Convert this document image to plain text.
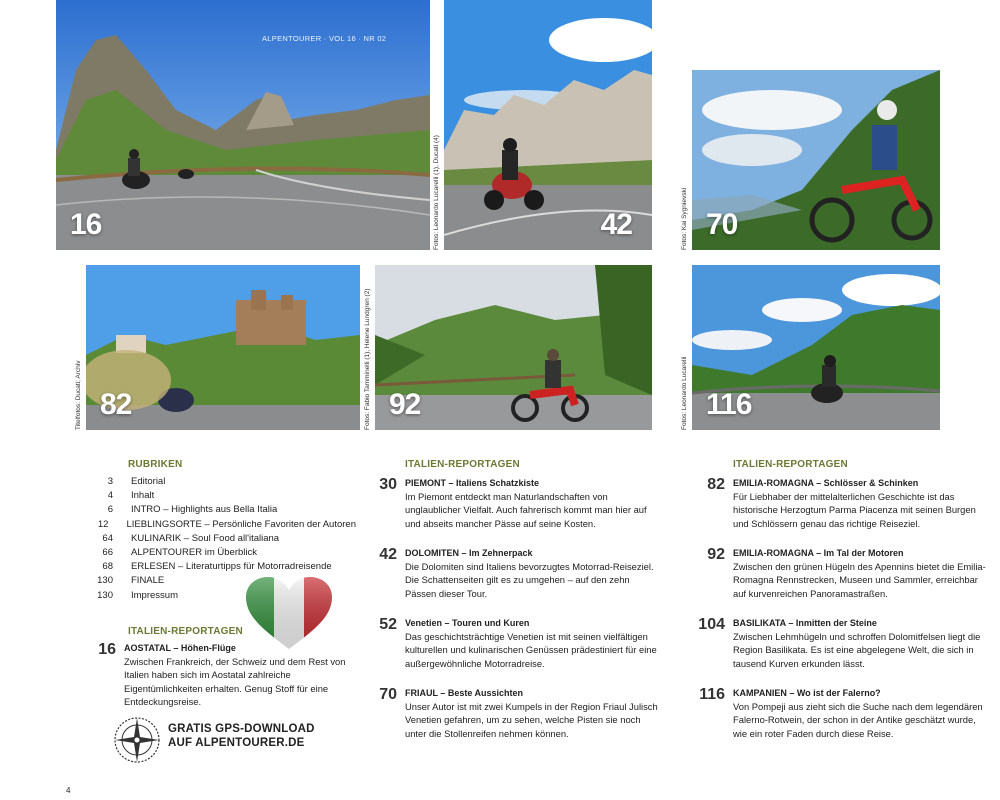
16
ALPENTOURER · VOL 16 · NR 02
42
Fotos: Leonardo Lucarelli (1), Ducati (4)	70
Fotos: Kai Sygnievski
82
Titelfotos: Ducati; Archiv	92
Fotos: Fabio Tamminelli (1), Helene Lundgren (2)	116
Fotos: Leonardo Lucarelli
RUBRIKEN
3 Editorial
4 Inhalt
6 INTRO – Highlights aus Bella Italia
12 LIEBLINGSORTE – Persönliche Favoriten der Autoren
64 KULINARIK – Soul Food all'italiana
66 ALPENTOURER im Überblick
68 ERLESEN – Literaturtipps für Motorradreisende
130 FINALE
130 Impressum
ITALIEN-REPORTAGEN
16 AOSTATAL – Höhen-Flüge
Zwischen Frankreich, der Schweiz und dem Rest von Italien haben sich im Aostatal zahlreiche Eigentümlichkeiten erhalten. Genug Stoff für eine Entdeckungsreise.
GRATIS GPS-DOWNLOAD
AUF ALPENTOURER.DE
ITALIEN-REPORTAGEN
30 PIEMONT – Italiens Schatzkiste
Im Piemont entdeckt man Naturlandschaften von unglaublicher Vielfalt. Auch fahrerisch kommt man hier auf und abseits mancher Pässe auf seine Kosten.
42 DOLOMITEN – Im Zehnerpack
Die Dolomiten sind Italiens bevorzugtes Motorrad-Reiseziel. Die Schattenseiten gilt es zu umgehen – auf den zehn Pässen dieser Tour.
52 Venetien – Touren und Kuren
Das geschichtsträchtige Venetien ist mit seinen vielfältigen kulturellen und kulinarischen Genüssen prädestiniert für eine außergewöhnliche Motorradreise.
70 FRIAUL – Beste Aussichten
Unser Autor ist mit zwei Kumpels in der Region Friaul Julisch Venetien gefahren, um zu sehen, welche Pisten sie noch unter die Stollenreifen nehmen können.
ITALIEN-REPORTAGEN
82 EMILIA-ROMAGNA – Schlösser & Schinken
Für Liebhaber der mittelalterlichen Geschichte ist das historische Herzogtum Parma Piacenza mit seinen Burgen und Schlössern genau das richtige Reiseziel.
92 EMILIA-ROMAGNA – Im Tal der Motoren
Zwischen den grünen Hügeln des Apennins bietet die Emilia-Romagna Rennstrecken, Museen und Sammler, erreichbar auf kurvenreichen Panoramastraßen.
104 BASILIKATA – Inmitten der Steine
Zwischen Lehmhügeln und schroffen Dolomitfelsen liegt die Region Basilikata. Es ist eine abgelegene Welt, die sich in tausend Kurven erkunden lässt.
116 KAMPANIEN – Wo ist der Falerno?
Von Pompeji aus zieht sich die Suche nach dem legendären Falerno-Rotwein, der schon in der Antike geschätzt wurde, wie ein roter Faden durch diese Reise.
4
